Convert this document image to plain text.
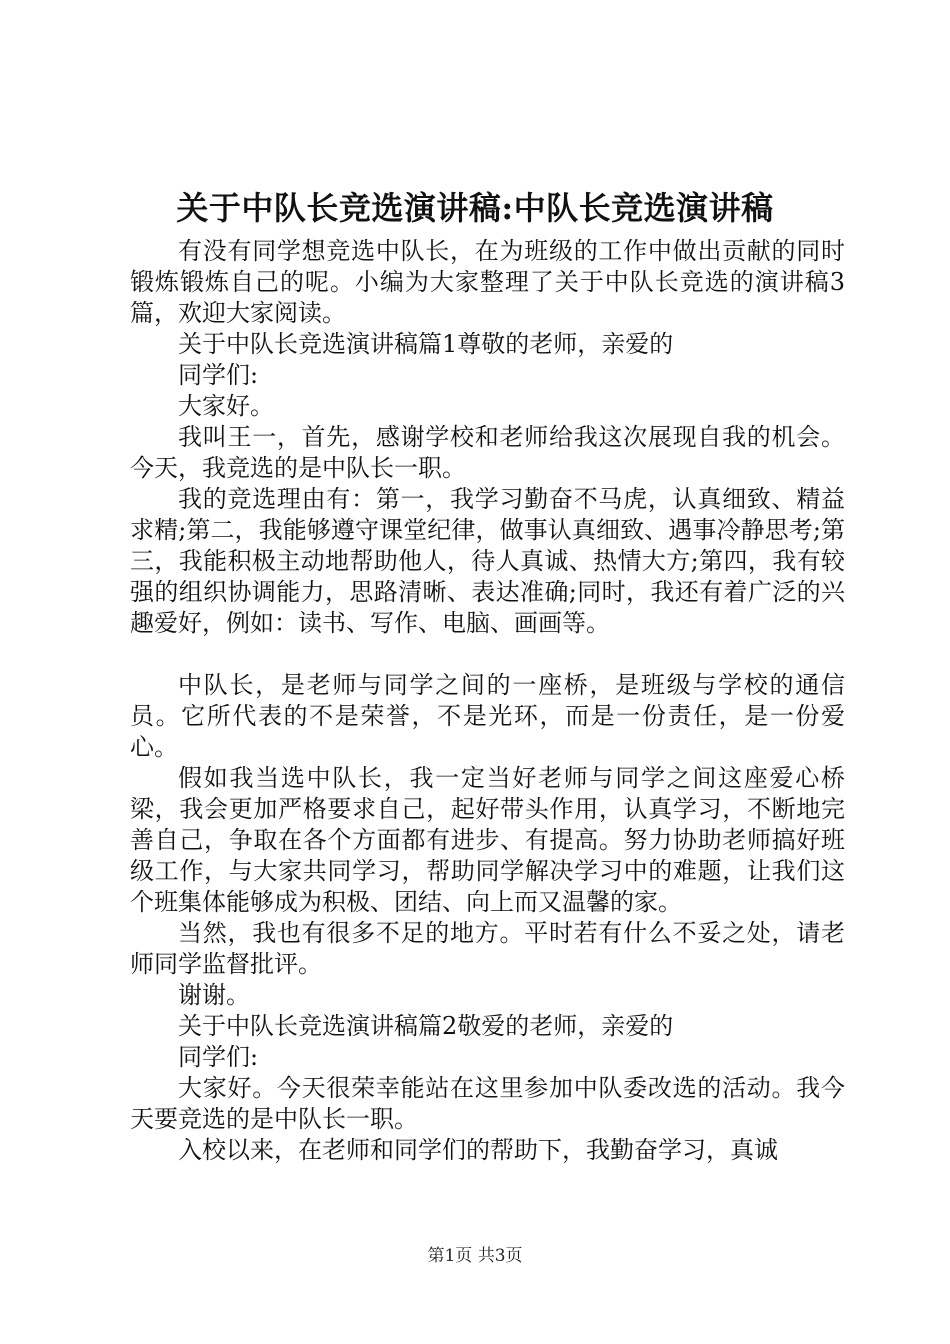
关于中队长竞选演讲稿:中队长竞选演讲稿

有没有同学想竞选中队长，在为班级的工作中做出贡献的同时锻炼锻炼自己的呢。小编为大家整理了关于中队长竞选的演讲稿3篇，欢迎大家阅读。

关于中队长竞选演讲稿篇1尊敬的老师，亲爱的

同学们:

大家好。

我叫王一，首先，感谢学校和老师给我这次展现自我的机会。今天，我竞选的是中队长一职。

我的竞选理由有：第一，我学习勤奋不马虎，认真细致、精益求精;第二，我能够遵守课堂纪律，做事认真细致、遇事冷静思考;第三，我能积极主动地帮助他人，待人真诚、热情大方;第四，我有较强的组织协调能力，思路清晰、表达准确;同时，我还有着广泛的兴趣爱好，例如：读书、写作、电脑、画画等。

中队长，是老师与同学之间的一座桥，是班级与学校的通信员。它所代表的不是荣誉，不是光环，而是一份责任，是一份爱心。

假如我当选中队长，我一定当好老师与同学之间这座爱心桥梁，我会更加严格要求自己，起好带头作用，认真学习，不断地完善自己，争取在各个方面都有进步、有提高。努力协助老师搞好班级工作，与大家共同学习，帮助同学解决学习中的难题，让我们这个班集体能够成为积极、团结、向上而又温馨的家。

当然，我也有很多不足的地方。平时若有什么不妥之处，请老师同学监督批评。

谢谢。

关于中队长竞选演讲稿篇2敬爱的老师，亲爱的

同学们:

大家好。今天很荣幸能站在这里参加中队委改选的活动。我今天要竞选的是中队长一职。

入校以来，在老师和同学们的帮助下，我勤奋学习，真诚

第1页 共3页
